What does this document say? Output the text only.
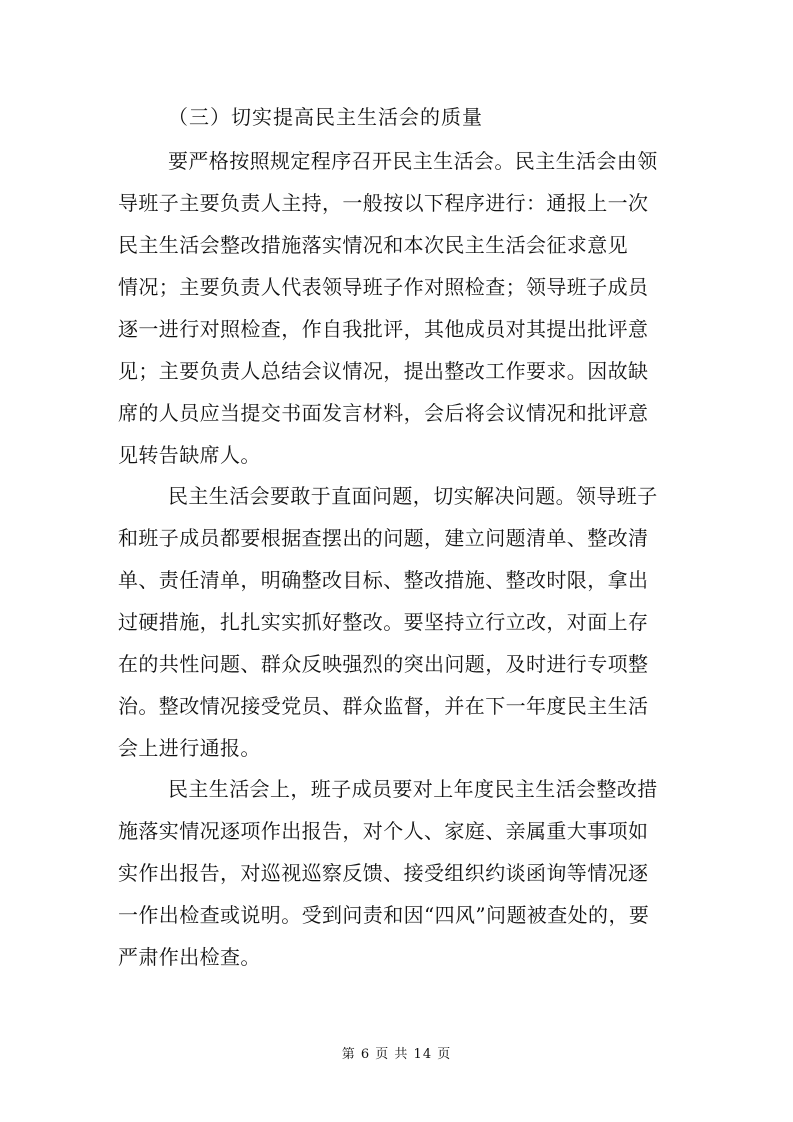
（三）切实提高民主生活会的质量
要严格按照规定程序召开民主生活会。民主生活会由领
导班子主要负责人主持，一般按以下程序进行：通报上一次
民主生活会整改措施落实情况和本次民主生活会征求意见
情况；主要负责人代表领导班子作对照检查；领导班子成员
逐一进行对照检查，作自我批评，其他成员对其提出批评意
见；主要负责人总结会议情况，提出整改工作要求。因故缺
席的人员应当提交书面发言材料，会后将会议情况和批评意
见转告缺席人。
民主生活会要敢于直面问题，切实解决问题。领导班子
和班子成员都要根据查摆出的问题，建立问题清单、整改清
单、责任清单，明确整改目标、整改措施、整改时限，拿出
过硬措施，扎扎实实抓好整改。要坚持立行立改，对面上存
在的共性问题、群众反映强烈的突出问题，及时进行专项整
治。整改情况接受党员、群众监督，并在下一年度民主生活
会上进行通报。
民主生活会上，班子成员要对上年度民主生活会整改措
施落实情况逐项作出报告，对个人、家庭、亲属重大事项如
实作出报告，对巡视巡察反馈、接受组织约谈函询等情况逐
一作出检查或说明。受到问责和因“四风”问题被查处的，要
严肃作出检查。
第 6 页 共 14 页
